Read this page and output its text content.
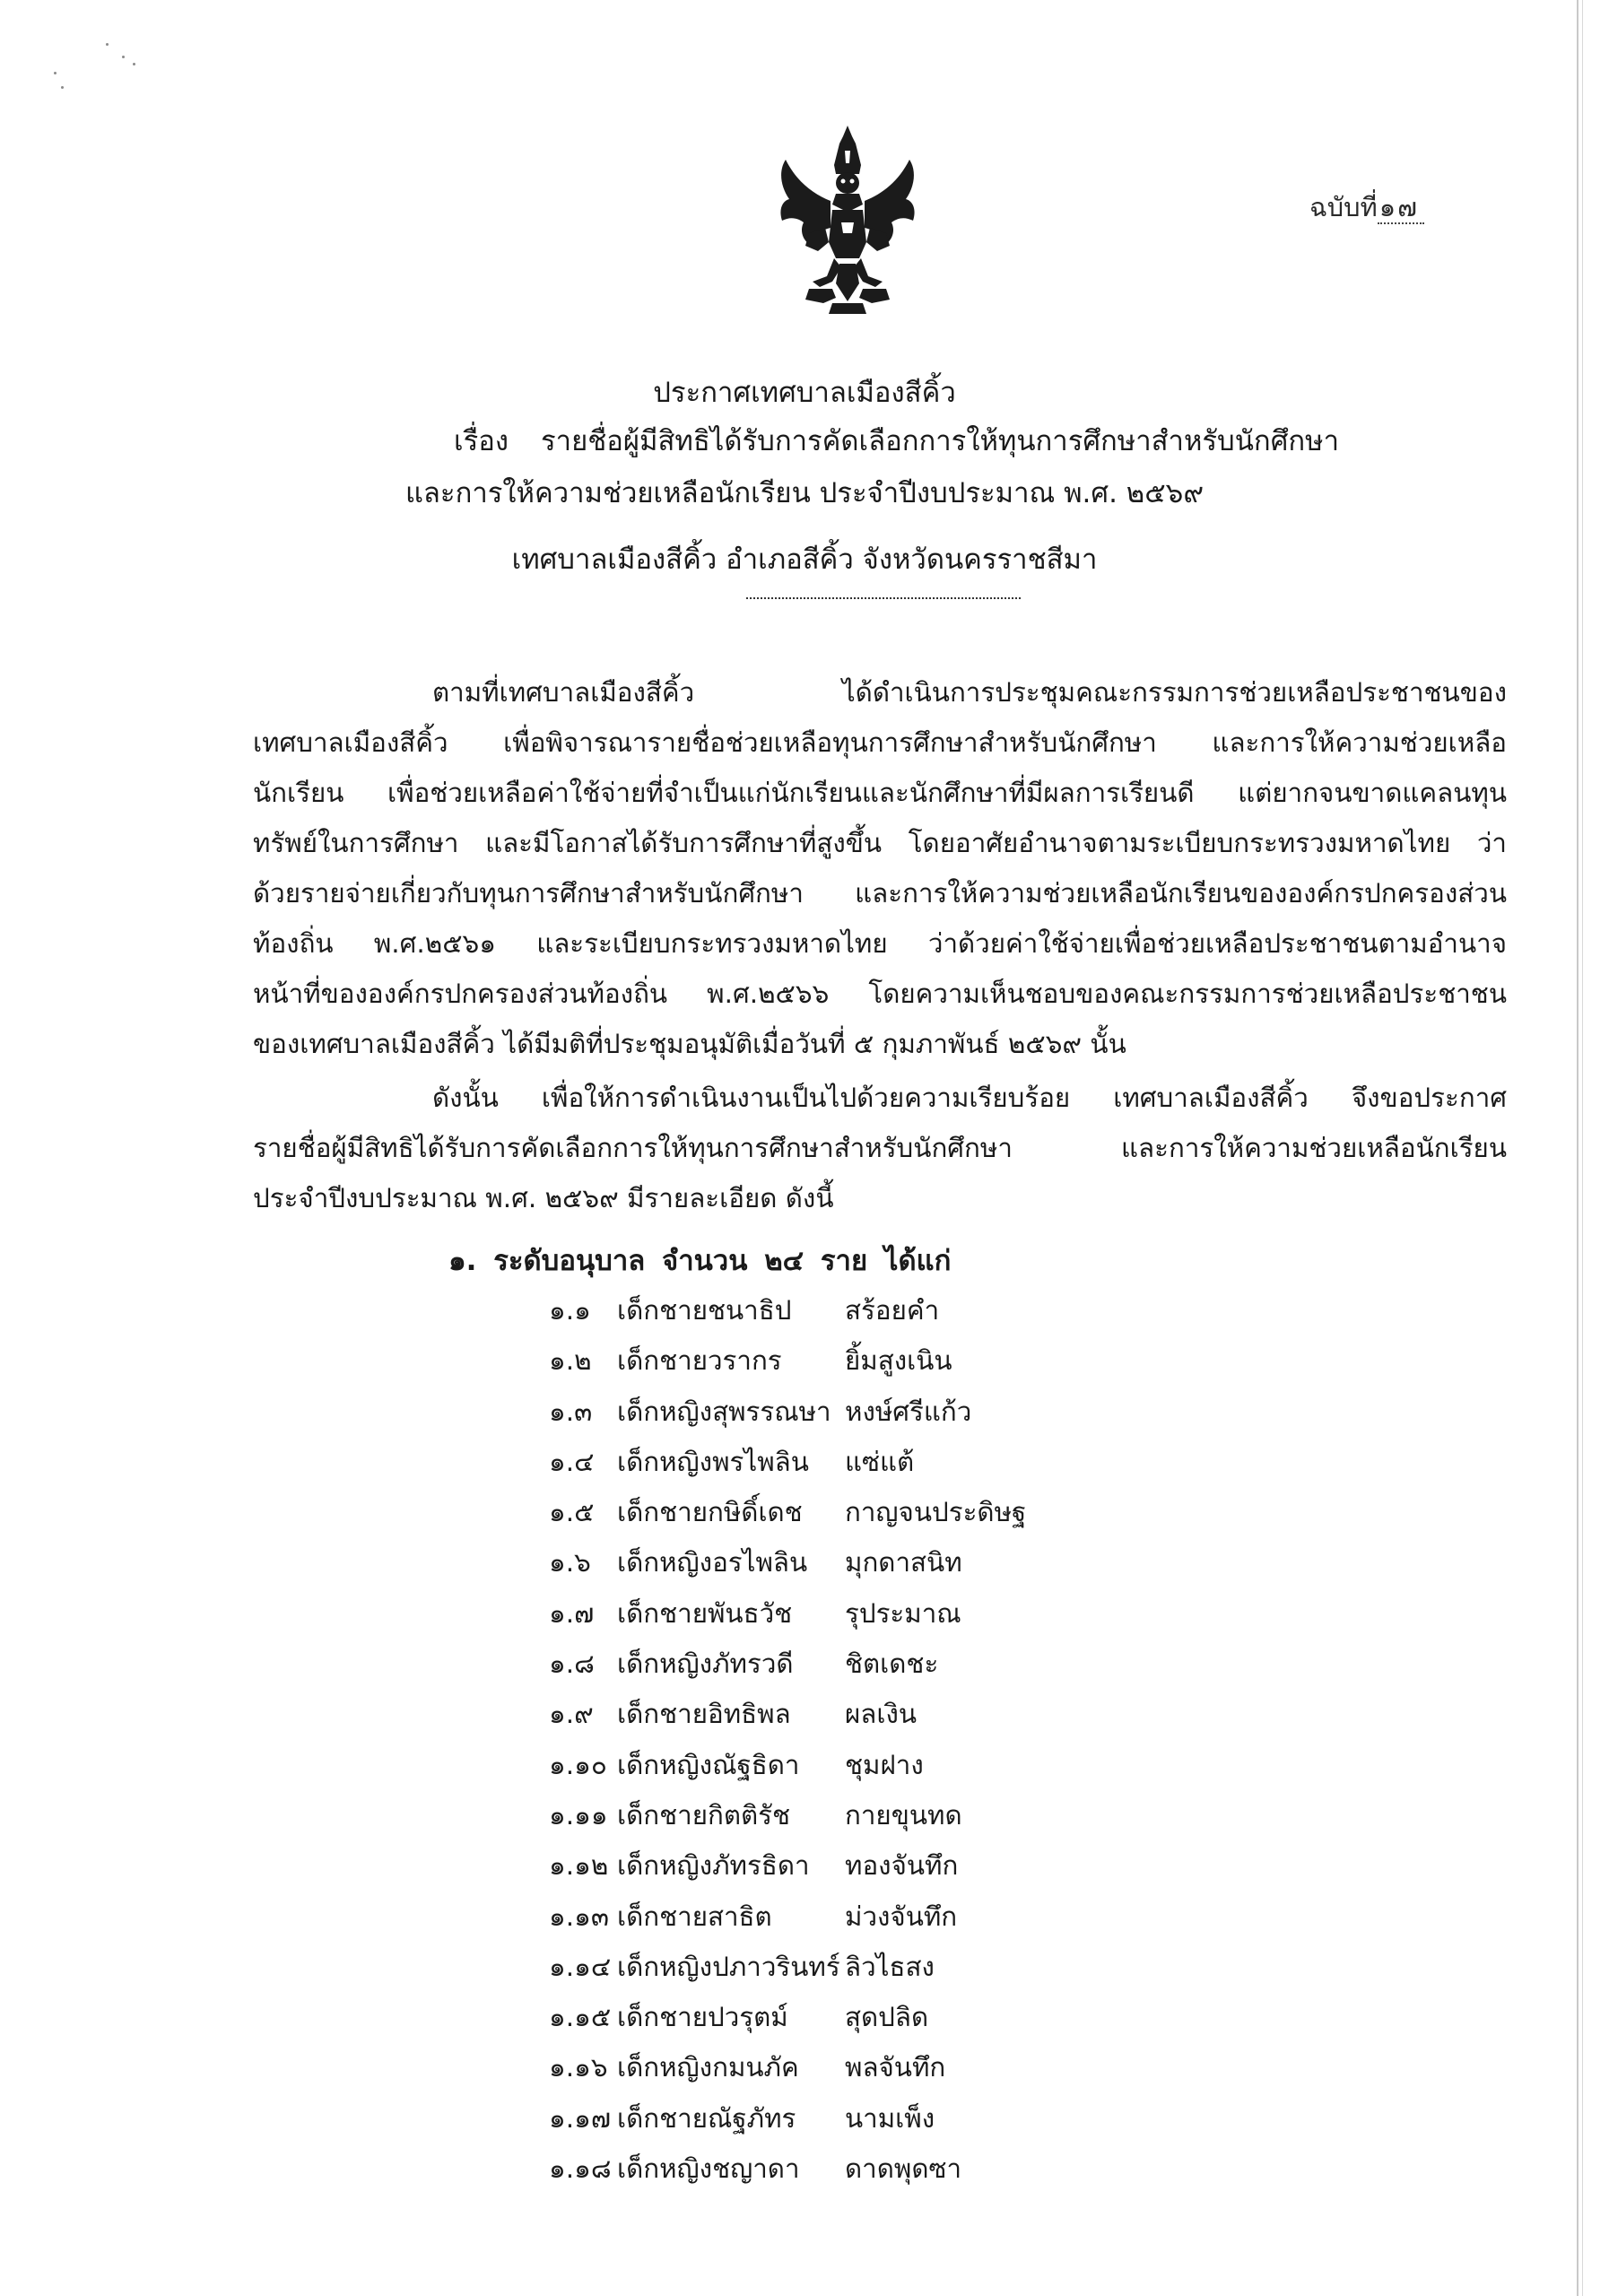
ฉบับที่๑๗
ประกาศเทศบาลเมืองสีคิ้ว
เรื่อง รายชื่อผู้มีสิทธิได้รับการคัดเลือกการให้ทุนการศึกษาสำหรับนักศึกษา
และการให้ความช่วยเหลือนักเรียน ประจำปีงบประมาณ พ.ศ. ๒๕๖๙
เทศบาลเมืองสีคิ้ว อำเภอสีคิ้ว จังหวัดนครราชสีมา
ตามที่เทศบาลเมืองสีคิ้ว ได้ดำเนินการประชุมคณะกรรมการช่วยเหลือประชาชนของ
เทศบาลเมืองสีคิ้ว เพื่อพิจารณารายชื่อช่วยเหลือทุนการศึกษาสำหรับนักศึกษา และการให้ความช่วยเหลือ
นักเรียน เพื่อช่วยเหลือค่าใช้จ่ายที่จำเป็นแก่นักเรียนและนักศึกษาที่มีผลการเรียนดี แต่ยากจนขาดแคลนทุน
ทรัพย์ในการศึกษา และมีโอกาสได้รับการศึกษาที่สูงขึ้น โดยอาศัยอำนาจตามระเบียบกระทรวงมหาดไทย ว่า
ด้วยรายจ่ายเกี่ยวกับทุนการศึกษาสำหรับนักศึกษา และการให้ความช่วยเหลือนักเรียนขององค์กรปกครองส่วน
ท้องถิ่น พ.ศ.๒๕๖๑ และระเบียบกระทรวงมหาดไทย ว่าด้วยค่าใช้จ่ายเพื่อช่วยเหลือประชาชนตามอำนาจ
หน้าที่ขององค์กรปกครองส่วนท้องถิ่น พ.ศ.๒๕๖๖ โดยความเห็นชอบของคณะกรรมการช่วยเหลือประชาชน
ของเทศบาลเมืองสีคิ้ว ได้มีมติที่ประชุมอนุมัติเมื่อวันที่ ๕ กุมภาพันธ์ ๒๕๖๙ นั้น
ดังนั้น เพื่อให้การดำเนินงานเป็นไปด้วยความเรียบร้อย เทศบาลเมืองสีคิ้ว จึงขอประกาศ
รายชื่อผู้มีสิทธิได้รับการคัดเลือกการให้ทุนการศึกษาสำหรับนักศึกษา และการให้ความช่วยเหลือนักเรียน
ประจำปีงบประมาณ พ.ศ. ๒๕๖๙ มีรายละเอียด ดังนี้
๑. ระดับอนุบาล จำนวน ๒๔ ราย ได้แก่
๑.๑ เด็กชายชนาธิป สร้อยคำ
๑.๒ เด็กชายวรากร ยิ้มสูงเนิน
๑.๓ เด็กหญิงสุพรรณษา หงษ์ศรีแก้ว
๑.๔ เด็กหญิงพรไพลิน แซ่แต้
๑.๕ เด็กชายกษิดิ์เดช กาญจนประดิษฐ
๑.๖ เด็กหญิงอรไพลิน มุกดาสนิท
๑.๗ เด็กชายพันธวัช รุประมาณ
๑.๘ เด็กหญิงภัทรวดี ชิตเดชะ
๑.๙ เด็กชายอิทธิพล ผลเงิน
๑.๑๐ เด็กหญิงณัฐธิดา ชุมฝาง
๑.๑๑ เด็กชายกิตติรัช กายขุนทด
๑.๑๒ เด็กหญิงภัทรธิดา ทองจันทึก
๑.๑๓ เด็กชายสาธิต	ม่วงจันทึก
๑.๑๔ เด็กหญิงปภาวรินทร์ ลิวไธสง
๑.๑๕ เด็กชายปวรุตม์ สุดปลิด
๑.๑๖ เด็กหญิงกมนภัค พลจันทึก
๑.๑๗ เด็กชายณัฐภัทร นามเพ็ง
๑.๑๘ เด็กหญิงชญาดา ดาดพุดซา
